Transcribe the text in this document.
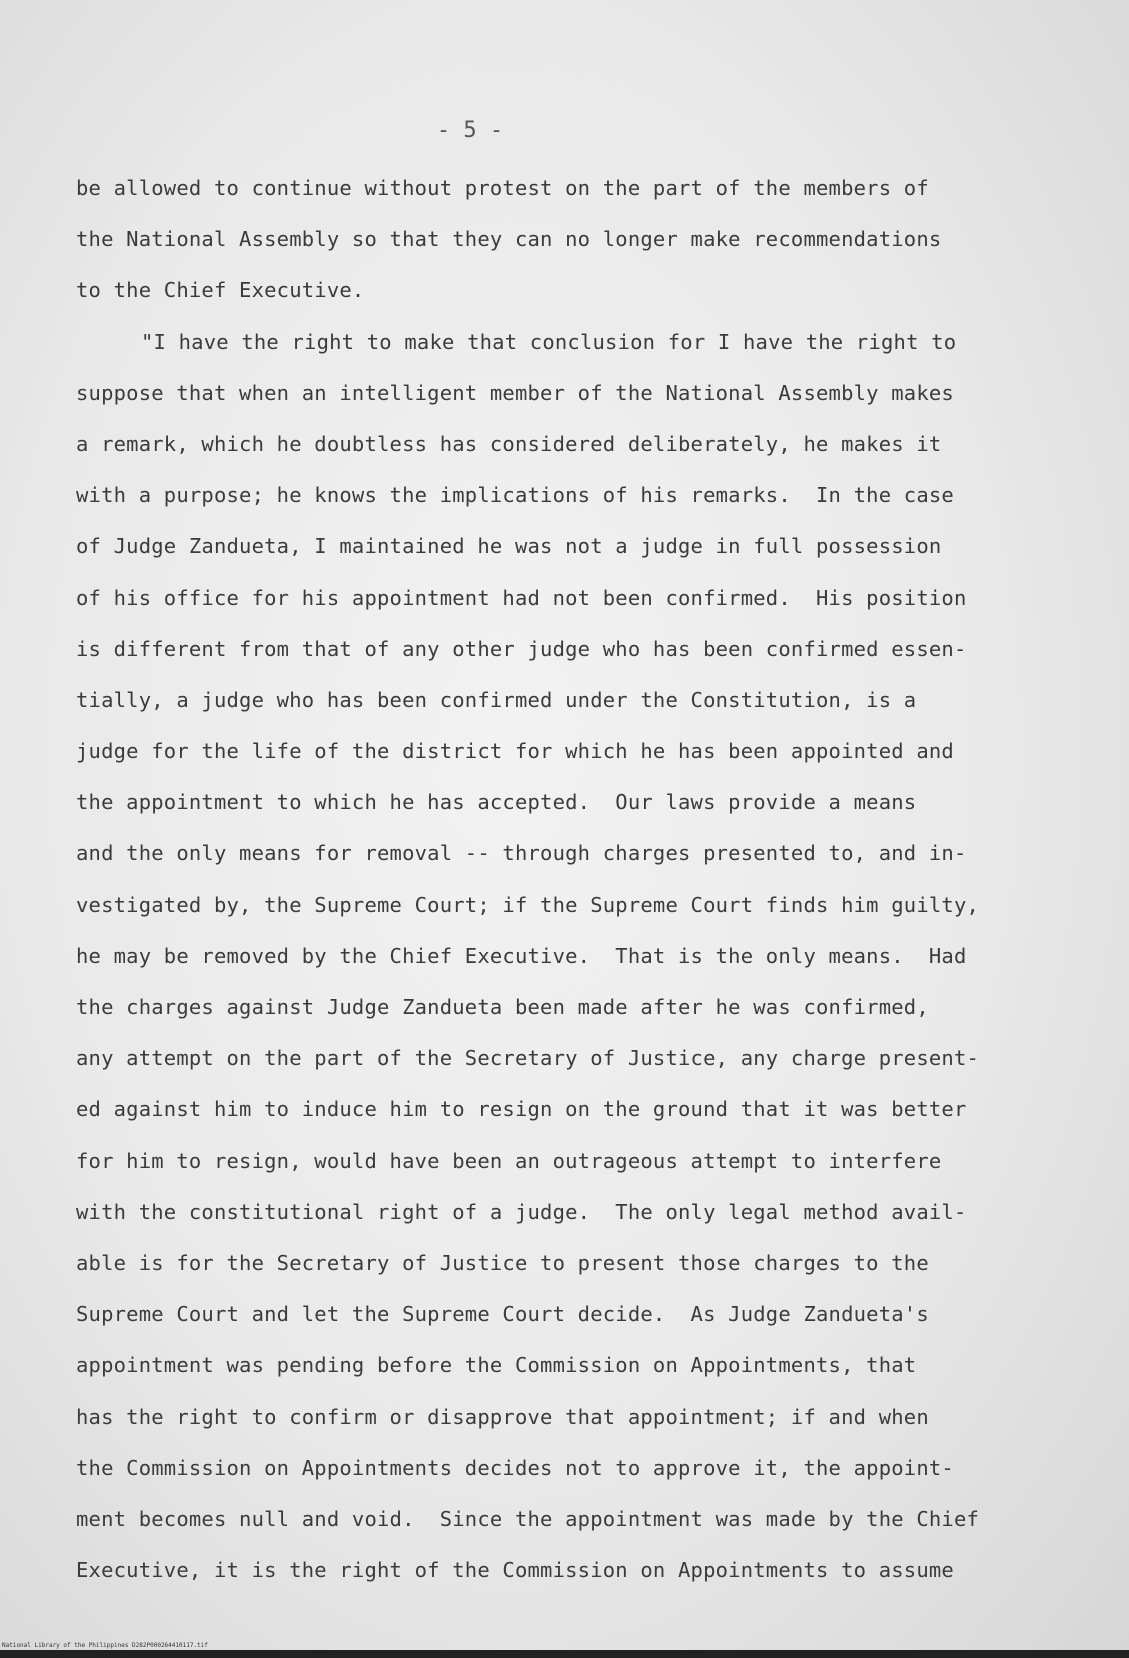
- 5 -
be allowed to continue without protest on the part of the members of
the National Assembly so that they can no longer make recommendations
to the Chief Executive.
"I have the right to make that conclusion for I have the right to
suppose that when an intelligent member of the National Assembly makes
a remark, which he doubtless has considered deliberately, he makes it
with a purpose; he knows the implications of his remarks.  In the case
of Judge Zandueta, I maintained he was not a judge in full possession
of his office for his appointment had not been confirmed.  His position
is different from that of any other judge who has been confirmed essen-
tially, a judge who has been confirmed under the Constitution, is a
judge for the life of the district for which he has been appointed and
the appointment to which he has accepted.  Our laws provide a means
and the only means for removal -- through charges presented to, and in-
vestigated by, the Supreme Court; if the Supreme Court finds him guilty,
he may be removed by the Chief Executive.  That is the only means.  Had
the charges against Judge Zandueta been made after he was confirmed,
any attempt on the part of the Secretary of Justice, any charge present-
ed against him to induce him to resign on the ground that it was better
for him to resign, would have been an outrageous attempt to interfere
with the constitutional right of a judge.  The only legal method avail-
able is for the Secretary of Justice to present those charges to the
Supreme Court and let the Supreme Court decide.  As Judge Zandueta's
appointment was pending before the Commission on Appointments, that
has the right to confirm or disapprove that appointment; if and when
the Commission on Appointments decides not to approve it, the appoint-
ment becomes null and void.  Since the appointment was made by the Chief
Executive, it is the right of the Commission on Appointments to assume
National Library of the Philippines D282P000264410117.tif
